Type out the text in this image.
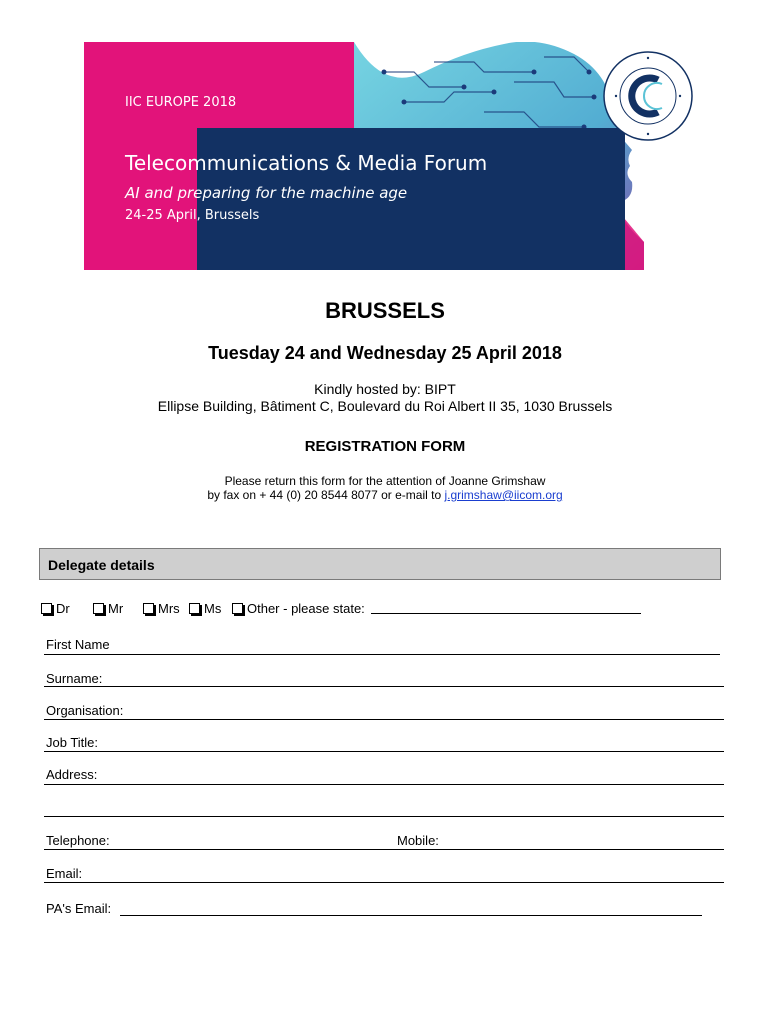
IIC EUROPE 2018
Telecommunications & Media Forum
AI and preparing for the machine age
24-25 April, Brussels
BRUSSELS
Tuesday 24 and Wednesday 25 April 2018
Kindly hosted by: BIPT
Ellipse Building, Bâtiment C, Boulevard du Roi Albert II 35, 1030 Brussels
REGISTRATION FORM
Please return this form for the attention of Joanne Grimshaw
by fax on + 44 (0) 20 8544 8077 or e-mail to j.grimshaw@iicom.org
Delegate details
Dr	Mr	Mrs Ms Other - please state:
First Name
Surname:
Organisation:
Job Title:
Address:
Telephone:	Mobile:
Email:
PA's Email:
